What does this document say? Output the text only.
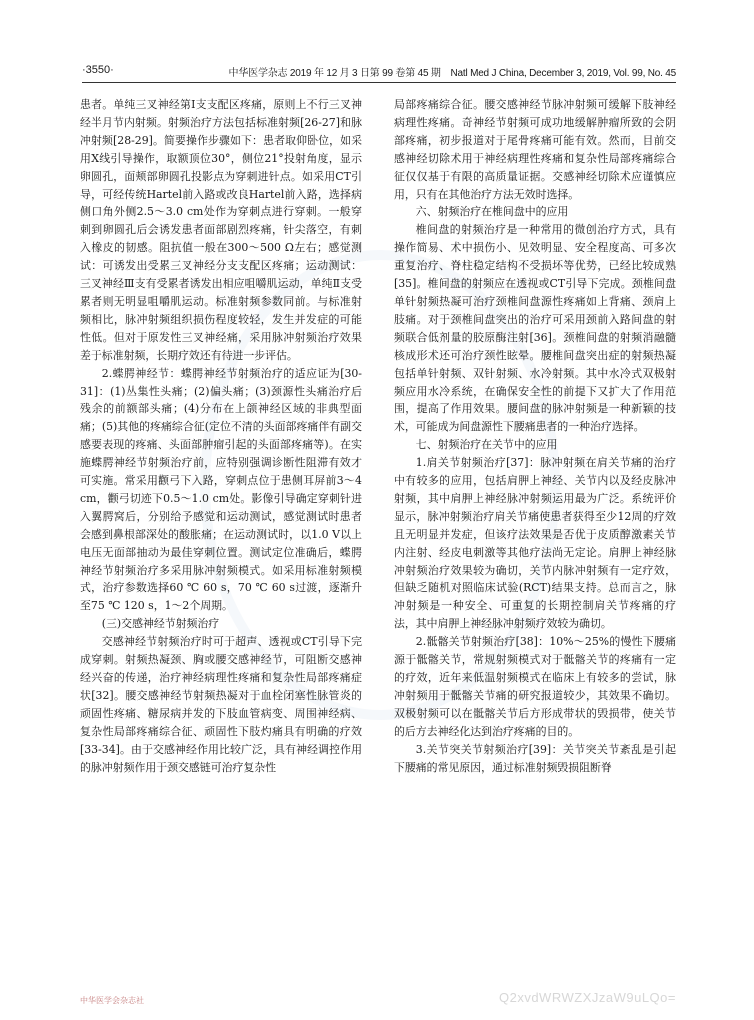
·3550·	中华医学杂志 2019 年 12 月 3 日第 99 卷第 45 期　Natl Med J China, December 3, 2019, Vol. 99, No. 45

患者。单纯三叉神经第Ⅰ支支配区疼痛，原则上不行三叉神经半月节内射频。射频治疗方法包括标准射频[26-27]和脉冲射频[28-29]。简要操作步骤如下：患者取仰卧位，如采用X线引导操作，取额顶位30°，侧位21°投射角度，显示卵圆孔，面颊部卵圆孔投影点为穿刺进针点。如采用CT引导，可经传统Hartel前入路或改良Hartel前入路，选择病侧口角外侧2.5～3.0 cm处作为穿刺点进行穿刺。一般穿刺到卵圆孔后会诱发患者面部剧烈疼痛，针尖落空，有刺入橡皮的韧感。阻抗值一般在300～500 Ω左右；感觉测试：可诱发出受累三叉神经分支支配区疼痛；运动测试：三叉神经Ⅲ支有受累者诱发出相应咀嚼肌运动，单纯Ⅱ支受累者则无明显咀嚼肌运动。标准射频参数同前。与标准射频相比，脉冲射频组织损伤程度较轻，发生并发症的可能性低。但对于原发性三叉神经痛，采用脉冲射频治疗效果差于标准射频，长期疗效还有待进一步评估。

2.蝶腭神经节：蝶腭神经节射频治疗的适应证为[30-31]：(1)丛集性头痛；(2)偏头痛；(3)颈源性头痛治疗后残余的前额部头痛；(4)分布在上颌神经区域的非典型面痛；(5)其他的疼痛综合征(定位不清的头面部疼痛伴有副交感要表现的疼痛、头面部肿瘤引起的头面部疼痛等)。在实施蝶腭神经节射频治疗前，应特别强调诊断性阻滞有效才可实施。常采用颧弓下入路，穿刺点位于患侧耳屏前3～4 cm，颧弓切迹下0.5～1.0 cm处。影像引导确定穿刺针进入翼腭窝后，分别给予感觉和运动测试，感觉测试时患者会感到鼻根部深处的酸胀痛；在运动测试时，以1.0 V以上电压无面部抽动为最佳穿刺位置。测试定位准确后，蝶腭神经节射频治疗多采用脉冲射频模式。如采用标准射频模式，治疗参数选择60 ℃ 60 s，70 ℃ 60 s过渡，逐渐升至75 ℃ 120 s，1～2个周期。

(三)交感神经节射频治疗

交感神经节射频治疗时可于超声、透视或CT引导下完成穿刺。射频热凝颈、胸或腰交感神经节，可阻断交感神经兴奋的传递，治疗神经病理性疼痛和复杂性局部疼痛症状[32]。腰交感神经节射频热凝对于血栓闭塞性脉管炎的顽固性疼痛、糖尿病并发的下肢血管病变、周围神经病、复杂性局部疼痛综合征、顽固性下肢灼痛具有明确的疗效[33-34]。由于交感神经作用比较广泛，具有神经调控作用的脉冲射频作用于颈交感链可治疗复杂性

局部疼痛综合征。腰交感神经节脉冲射频可缓解下肢神经病理性疼痛。奇神经节射频可成功地缓解肿瘤所致的会阴部疼痛，初步报道对于尾骨疼痛可能有效。然而，目前交感神经切除术用于神经病理性疼痛和复杂性局部疼痛综合征仅仅基于有限的高质量证据。交感神经切除术应谨慎应用，只有在其他治疗方法无效时选择。

六、射频治疗在椎间盘中的应用

椎间盘的射频治疗是一种常用的微创治疗方式，具有操作简易、术中损伤小、见效明显、安全程度高、可多次重复治疗、脊柱稳定结构不受损坏等优势，已经比较成熟[35]。椎间盘的射频应在透视或CT引导下完成。颈椎间盘单针射频热凝可治疗颈椎间盘源性疼痛如上背痛、颈肩上肢痛。对于颈椎间盘突出的治疗可采用颈前入路间盘的射频联合低剂量的胶原酶注射[36]。颈椎间盘的射频消融髓核成形术还可治疗颈性眩晕。腰椎间盘突出症的射频热凝包括单针射频、双针射频、水冷射频。其中水冷式双极射频应用水冷系统，在确保安全性的前提下又扩大了作用范围，提高了作用效果。腰间盘的脉冲射频是一种新颖的技术，可能成为间盘源性下腰痛患者的一种治疗选择。

七、射频治疗在关节中的应用

1.肩关节射频治疗[37]：脉冲射频在肩关节痛的治疗中有较多的应用，包括肩胛上神经、关节内以及经皮脉冲射频，其中肩胛上神经脉冲射频运用最为广泛。系统评价显示，脉冲射频治疗肩关节痛使患者获得至少12周的疗效且无明显并发症，但该疗法效果是否优于皮质醇激素关节内注射、经皮电刺激等其他疗法尚无定论。肩胛上神经脉冲射频治疗效果较为确切，关节内脉冲射频有一定疗效，但缺乏随机对照临床试验(RCT)结果支持。总而言之，脉冲射频是一种安全、可重复的长期控制肩关节疼痛的疗法，其中肩胛上神经脉冲射频疗效较为确切。

2.骶髂关节射频治疗[38]：10%～25%的慢性下腰痛源于骶髂关节，常规射频模式对于骶髂关节的疼痛有一定的疗效，近年来低温射频模式在临床上有较多的尝试，脉冲射频用于骶髂关节痛的研究报道较少，其效果不确切。双极射频可以在骶髂关节后方形成带状的毁损带，使关节的后方去神经化达到治疗疼痛的目的。

3.关节突关节射频治疗[39]：关节突关节紊乱是引起下腰痛的常见原因，通过标准射频毁损阻断脊

中华医学会杂志社	Q2xvdWRWZXJzaW9uLQo=
